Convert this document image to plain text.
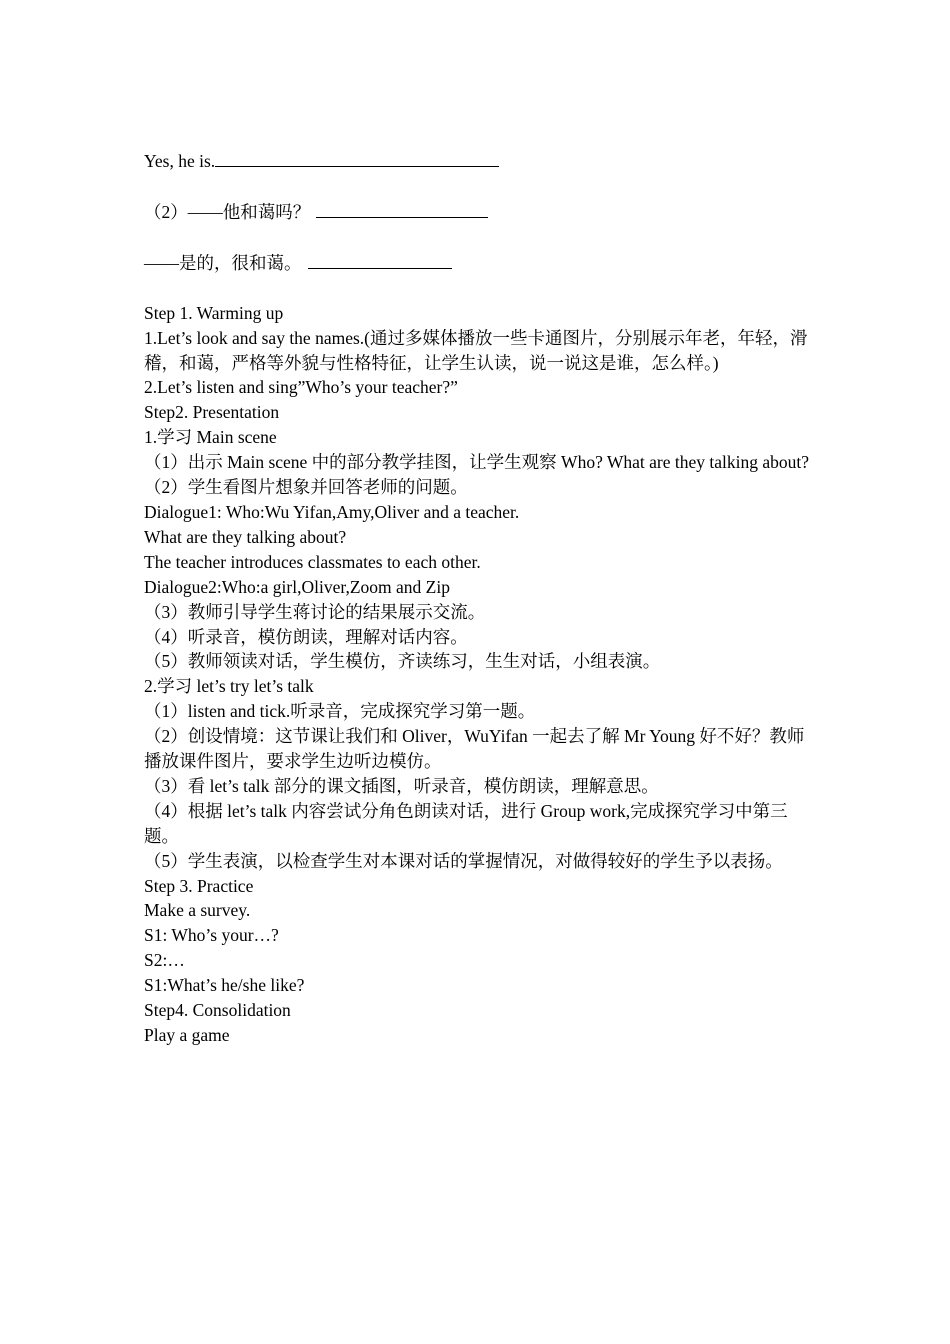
Yes, he is.

（2）——他和蔼吗？

——是的，很和蔼。

Step 1. Warming up

1.Let’s look and say the names.(通过多媒体播放一些卡通图片，分别展示年老，年轻，滑稽，和蔼，严格等外貌与性格特征，让学生认读，说一说这是谁，怎么样。)

2.Let’s listen and sing”Who’s your teacher?”

Step2. Presentation

1.学习 Main scene

（1）出示 Main scene 中的部分教学挂图，让学生观察 Who? What are they talking about?

（2）学生看图片想象并回答老师的问题。

Dialogue1: Who:Wu Yifan,Amy,Oliver and a teacher.

What are they talking about?

The teacher introduces classmates to each other.

Dialogue2:Who:a girl,Oliver,Zoom and Zip

（3）教师引导学生蒋讨论的结果展示交流。

（4）听录音，模仿朗读，理解对话内容。

（5）教师领读对话，学生模仿，齐读练习，生生对话，小组表演。

2.学习 let’s try let’s talk

（1）listen and tick.听录音，完成探究学习第一题。

（2）创设情境：这节课让我们和 Oliver，WuYifan 一起去了解 Mr Young 好不好？教师播放课件图片，要求学生边听边模仿。

（3）看 let’s talk 部分的课文插图，听录音，模仿朗读，理解意思。

（4）根据 let’s talk 内容尝试分角色朗读对话，进行 Group work,完成探究学习中第三题。

（5）学生表演，以检查学生对本课对话的掌握情况，对做得较好的学生予以表扬。

Step 3. Practice

Make a survey.

S1: Who’s your…?

S2:…

S1:What’s he/she like?

Step4. Consolidation

Play a game
